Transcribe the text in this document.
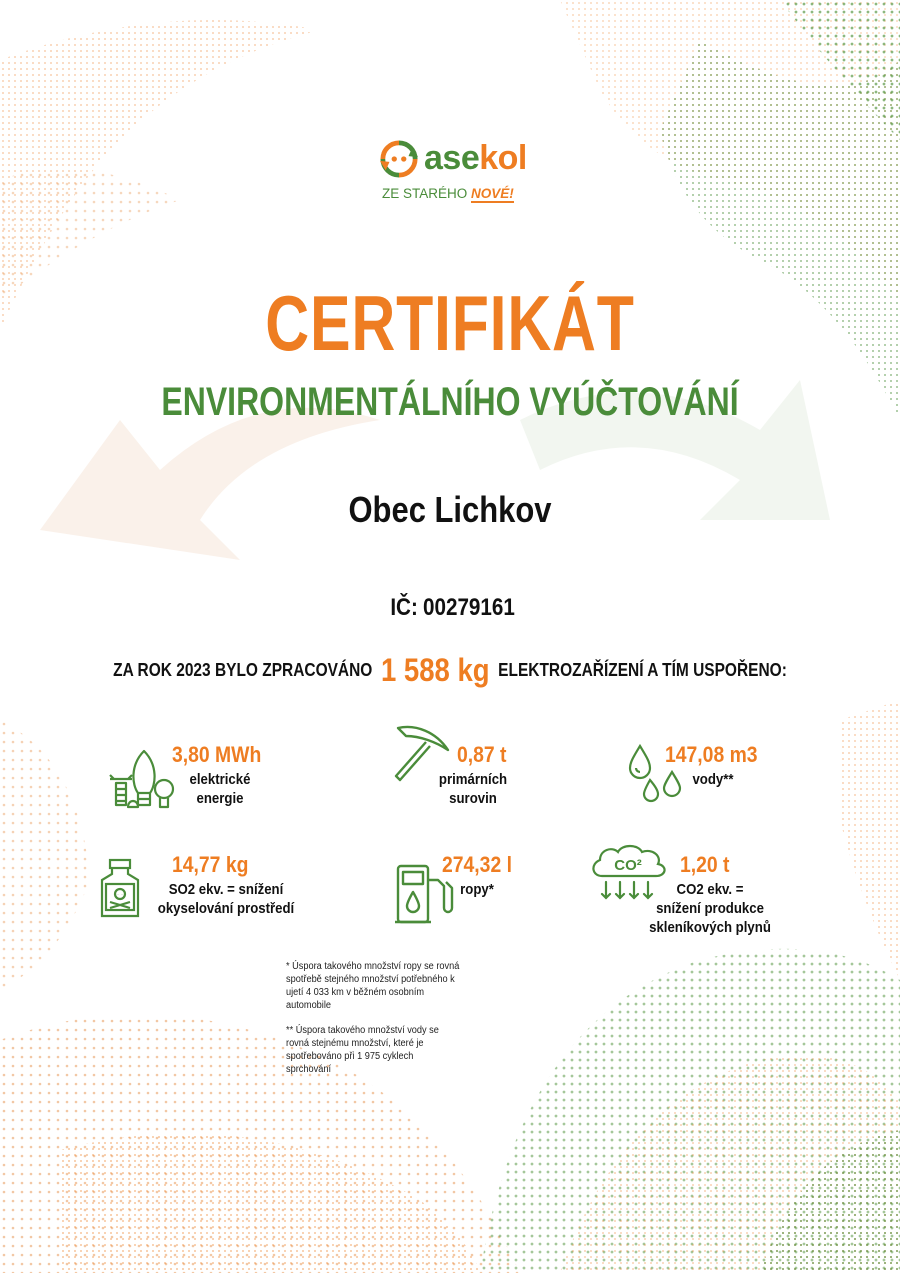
asekol
ZE STARÉHO NOVÉ!
CERTIFIKÁT
ENVIRONMENTÁLNÍHO VYÚČTOVÁNÍ
Obec Lichkov
IČ: 00279161
ZA ROK 2023 BYLO ZPRACOVÁNO 1 588 kg ELEKTROZAŘÍZENÍ A TÍM USPOŘENO:
3,80 MWh
elektrické
energie
0,87 t
primárních
surovin
147,08 m3
vody**
14,77 kg
SO2 ekv. = snížení
okyselování prostředí
274,32 l
ropy*
CO² 1,20 t
CO2 ekv. =
snížení produkce
skleníkových plynů

* Úspora takového množství ropy se rovná spotřebě stejného množství potřebného k ujetí 4 033 km v běžném osobním automobile

** Úspora takového množství vody se rovná stejnému množství, které je spotřebováno při 1 975 cyklech sprchování
